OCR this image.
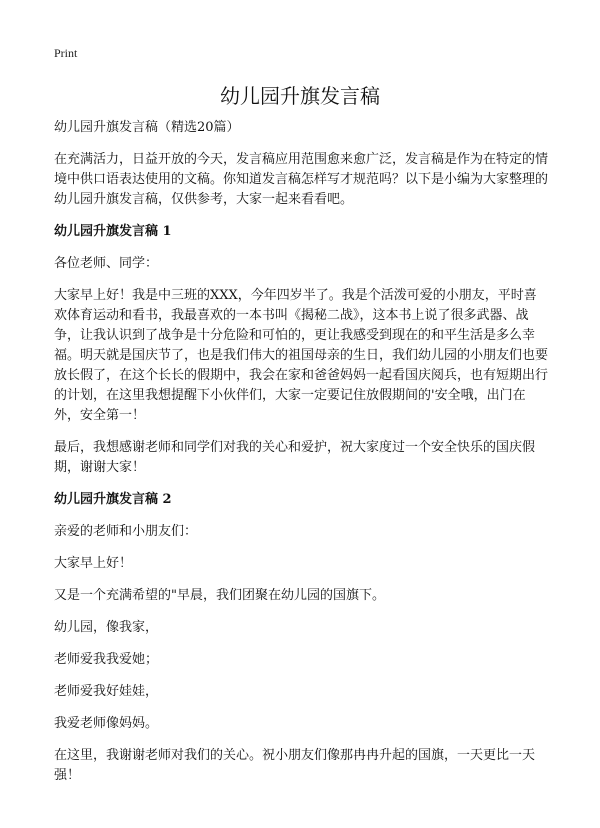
Print
幼儿园升旗发言稿

幼儿园升旗发言稿（精选20篇）

在充满活力，日益开放的今天，发言稿应用范围愈来愈广泛，发言稿是作为在特定的情境中供口语表达使用的文稿。你知道发言稿怎样写才规范吗？以下是小编为大家整理的幼儿园升旗发言稿，仅供参考，大家一起来看看吧。

幼儿园升旗发言稿 1

各位老师、同学：

大家早上好！我是中三班的XXX，今年四岁半了。我是个活泼可爱的小朋友，平时喜欢体育运动和看书，我最喜欢的一本书叫《揭秘二战》，这本书上说了很多武器、战争，让我认识到了战争是十分危险和可怕的，更让我感受到现在的和平生活是多么幸福。明天就是国庆节了，也是我们伟大的祖国母亲的生日，我们幼儿园的小朋友们也要放长假了，在这个长长的假期中，我会在家和爸爸妈妈一起看国庆阅兵，也有短期出行的计划，在这里我想提醒下小伙伴们，大家一定要记住放假期间的'安全哦，出门在外，安全第一！

最后，我想感谢老师和同学们对我的关心和爱护，祝大家度过一个安全快乐的国庆假期，谢谢大家！

幼儿园升旗发言稿 2

亲爱的老师和小朋友们：

大家早上好！

又是一个充满希望的"早晨，我们团聚在幼儿园的国旗下。

幼儿园，像我家，

老师爱我我爱她；

老师爱我好娃娃，

我爱老师像妈妈。

在这里，我谢谢老师对我们的关心。祝小朋友们像那冉冉升起的国旗，一天更比一天强！
